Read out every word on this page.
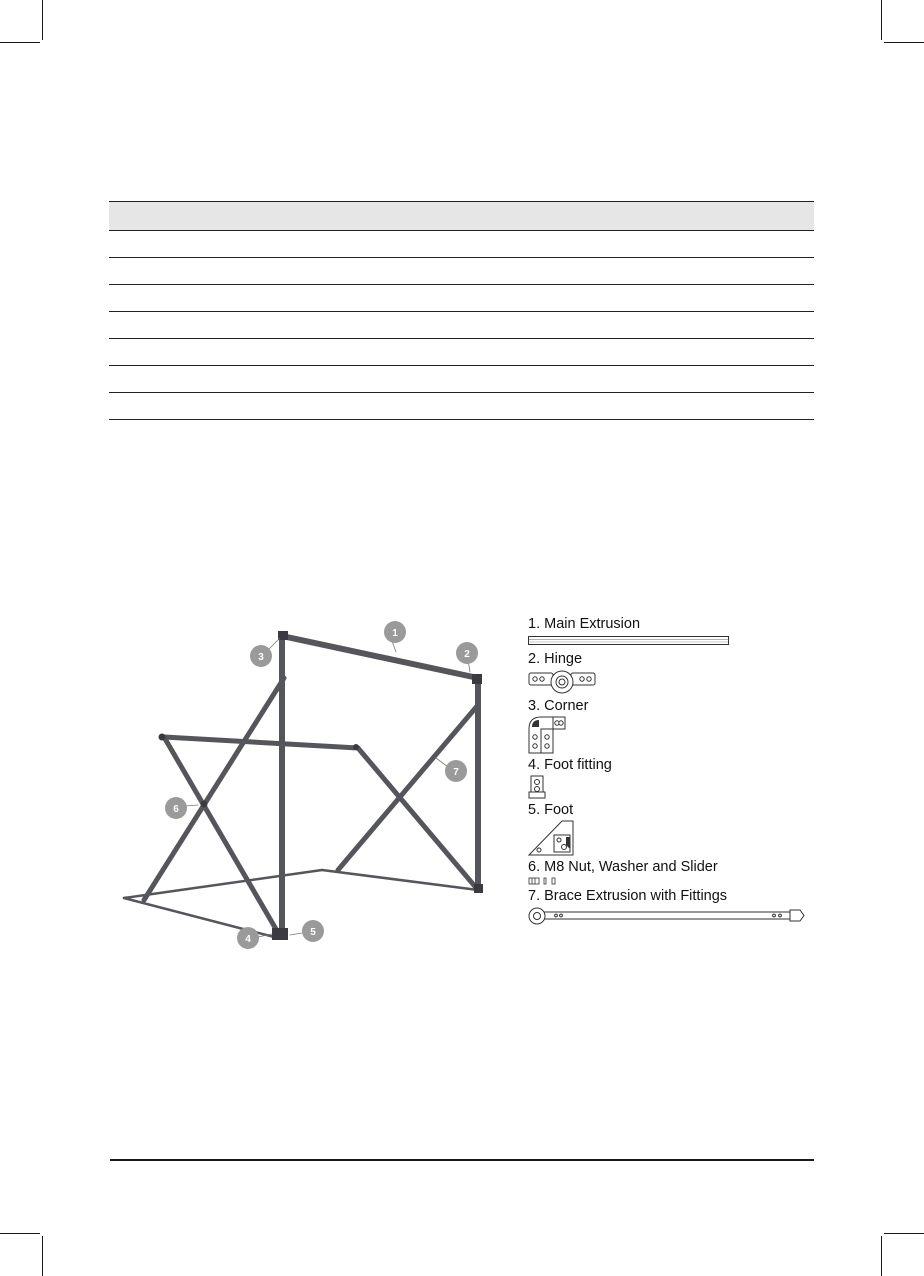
1
2
3
4
5
6
7
1. Main Extrusion
2. Hinge
3. Corner
4. Foot fitting
5. Foot
6. M8 Nut, Washer and Slider
7. Brace Extrusion with Fittings
